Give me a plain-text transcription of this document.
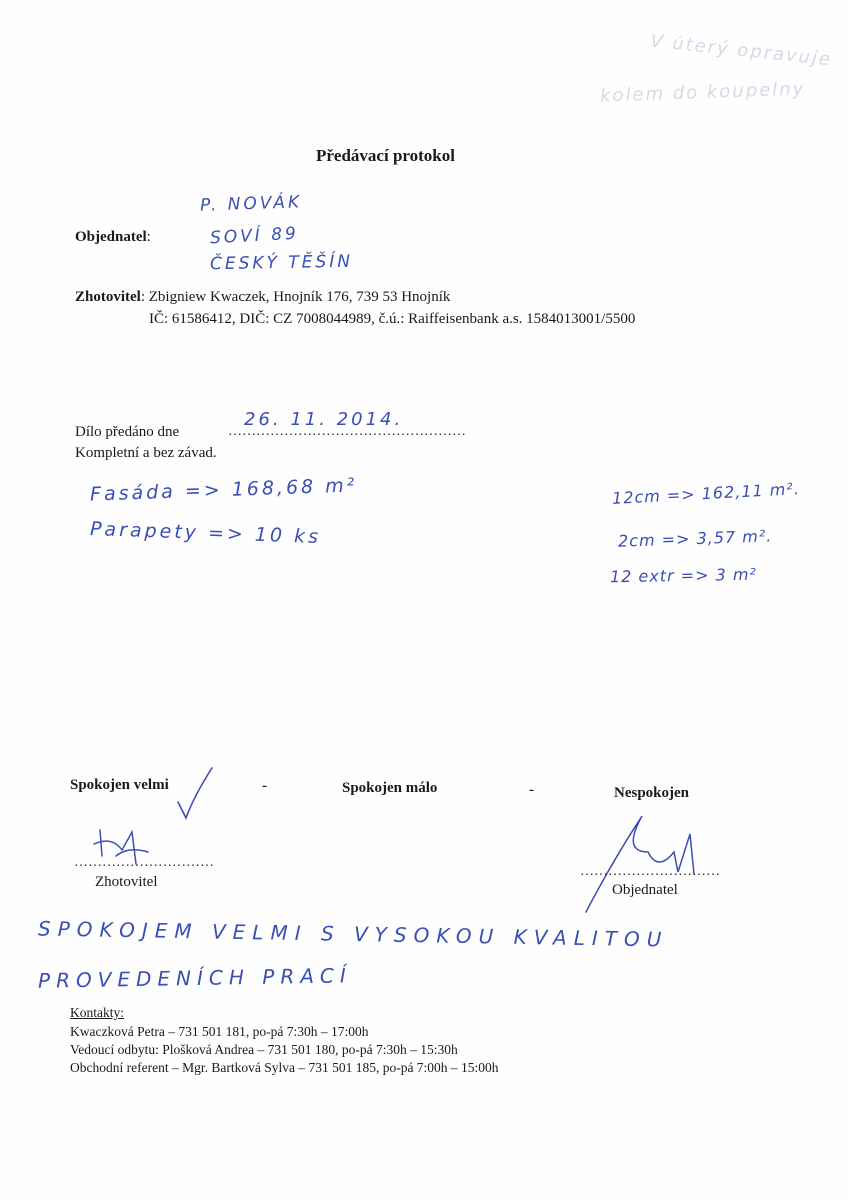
V úterý opravuje
kolem do koupelny
Předávací protokol
Objednatel:
P. NOVÁK
SOVÍ 89
ČESKÝ TĚŠÍN
Zhotovitel: Zbigniew Kwaczek, Hnojník 176, 739 53 Hnojník
IČ: 61586412, DIČ: CZ 7008044989, č.ú.: Raiffeisenbank a.s. 1584013001/5500
Dílo předáno dne	……………………………………………
26. 11. 2014.
Kompletní a bez závad.
Fasáda => 168,68 m²
Parapety => 10 ks
12cm => 162,11 m².
2cm => 3,57 m².
12 extr => 3 m²
Spokojen velmi	-	Spokojen málo	-	Nespokojen
…………………………
Zhotovitel
…………………………
Objednatel
SPOKOJEM VELMI S VYSOKOU KVALITOU
PROVEDENÍCH PRACÍ
Kontakty:
Kwaczková Petra – 731 501 181, po-pá 7:30h – 17:00h
Vedoucí odbytu: Plošková Andrea – 731 501 180, po-pá 7:30h – 15:30h
Obchodní referent – Mgr. Bartková Sylva – 731 501 185, po-pá 7:00h – 15:00h
